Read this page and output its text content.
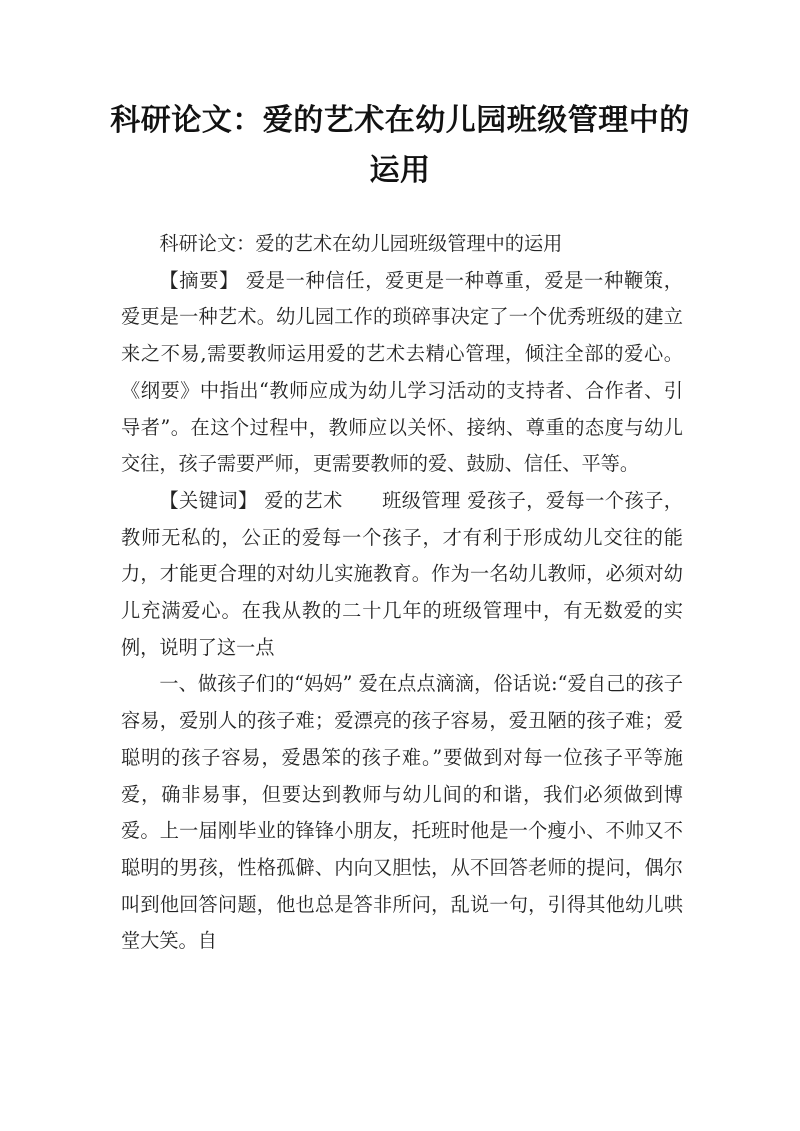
科研论文：爱的艺术在幼儿园班级管理中的运用

科研论文：爱的艺术在幼儿园班级管理中的运用

【摘要】 爱是一种信任，爱更是一种尊重，爱是一种鞭策，爱更是一种艺术。幼儿园工作的琐碎事决定了一个优秀班级的建立来之不易,需要教师运用爱的艺术去精心管理，倾注全部的爱心。《纲要》中指出“教师应成为幼儿学习活动的支持者、合作者、引导者”。在这个过程中，教师应以关怀、接纳、尊重的态度与幼儿交往，孩子需要严师，更需要教师的爱、鼓励、信任、平等。

【关键词】 爱的艺术　　班级管理 爱孩子，爱每一个孩子，教师无私的，公正的爱每一个孩子，才有利于形成幼儿交往的能力，才能更合理的对幼儿实施教育。作为一名幼儿教师，必须对幼儿充满爱心。在我从教的二十几年的班级管理中，有无数爱的实例，说明了这一点

一、做孩子们的“妈妈” 爱在点点滴滴，俗话说:“爱自己的孩子容易，爱别人的孩子难；爱漂亮的孩子容易，爱丑陋的孩子难；爱聪明的孩子容易，爱愚笨的孩子难。”要做到对每一位孩子平等施爱，确非易事，但要达到教师与幼儿间的和谐，我们必须做到博爱。上一届刚毕业的锋锋小朋友，托班时他是一个瘦小、不帅又不聪明的男孩，性格孤僻、内向又胆怯，从不回答老师的提问，偶尔叫到他回答问题，他也总是答非所问，乱说一句，引得其他幼儿哄堂大笑。自
